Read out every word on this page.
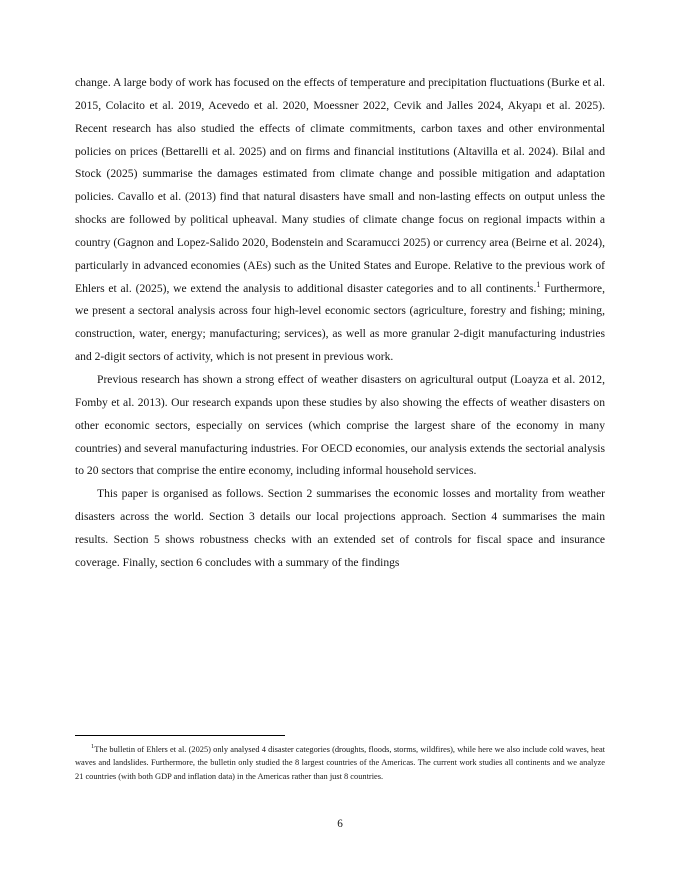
change. A large body of work has focused on the effects of temperature and precipitation fluctuations (Burke et al. 2015, Colacito et al. 2019, Acevedo et al. 2020, Moessner 2022, Cevik and Jalles 2024, Akyapı et al. 2025). Recent research has also studied the effects of climate commitments, carbon taxes and other environmental policies on prices (Bettarelli et al. 2025) and on firms and financial institutions (Altavilla et al. 2024). Bilal and Stock (2025) summarise the damages estimated from climate change and possible mitigation and adaptation policies. Cavallo et al. (2013) find that natural disasters have small and non-lasting effects on output unless the shocks are followed by political upheaval. Many studies of climate change focus on regional impacts within a country (Gagnon and Lopez-Salido 2020, Bodenstein and Scaramucci 2025) or currency area (Beirne et al. 2024), particularly in advanced economies (AEs) such as the United States and Europe. Relative to the previous work of Ehlers et al. (2025), we extend the analysis to additional disaster categories and to all continents.$^1$ Furthermore, we present a sectoral analysis across four high-level economic sectors (agriculture, forestry and fishing; mining, construction, water, energy; manufacturing; services), as well as more granular 2-digit manufacturing industries and 2-digit sectors of activity, which is not present in previous work.

Previous research has shown a strong effect of weather disasters on agricultural output (Loayza et al. 2012, Fomby et al. 2013). Our research expands upon these studies by also showing the effects of weather disasters on other economic sectors, especially on services (which comprise the largest share of the economy in many countries) and several manufacturing industries. For OECD economies, our analysis extends the sectorial analysis to 20 sectors that comprise the entire economy, including informal household services.

This paper is organised as follows. Section 2 summarises the economic losses and mortality from weather disasters across the world. Section 3 details our local projections approach. Section 4 summarises the main results. Section 5 shows robustness checks with an extended set of controls for fiscal space and insurance coverage. Finally, section 6 concludes with a summary of the findings

$^1$The bulletin of Ehlers et al. (2025) only analysed 4 disaster categories (droughts, floods, storms, wildfires), while here we also include cold waves, heat waves and landslides. Furthermore, the bulletin only studied the 8 largest countries of the Americas. The current work studies all continents and we analyze 21 countries (with both GDP and inflation data) in the Americas rather than just 8 countries.

6
